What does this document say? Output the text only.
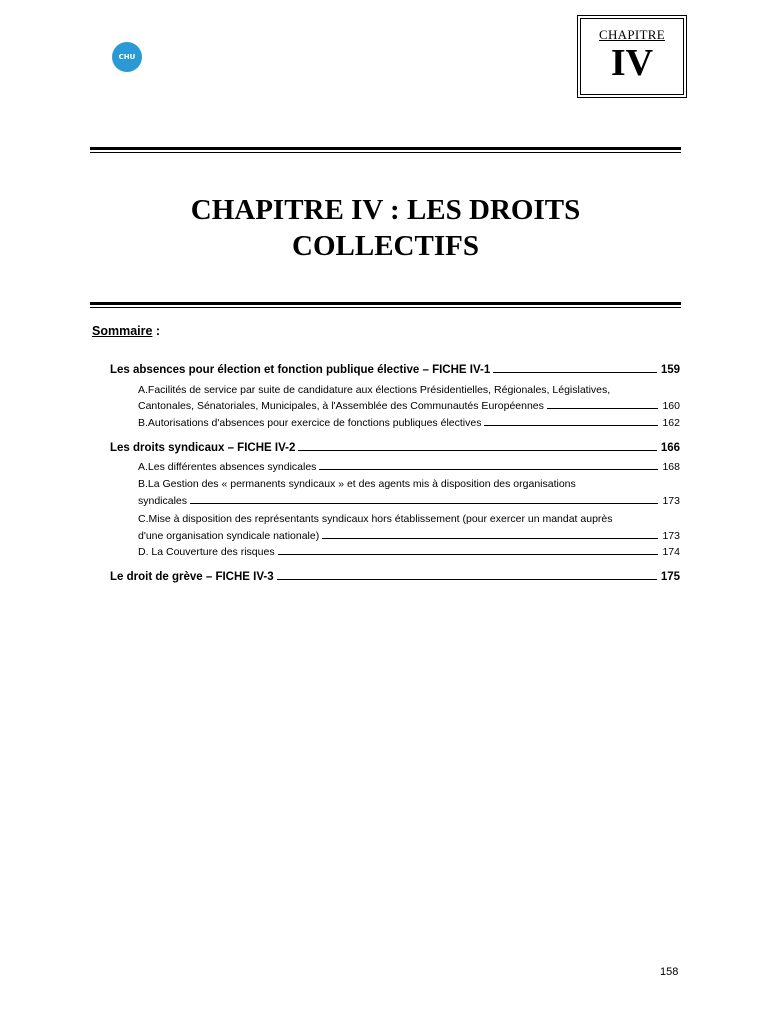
CHU
CHAPITRE
IV
CHAPITRE IV : LES DROITS
COLLECTIFS
Sommaire :
Les absences pour élection et fonction publique élective – FICHE IV-1	159
A.Facilités de service par suite de candidature aux élections Présidentielles, Régionales, Législatives,
Cantonales, Sénatoriales, Municipales, à l'Assemblée des Communautés Européennes	160
B.Autorisations d'absences pour exercice de fonctions publiques électives	162
Les droits syndicaux – FICHE IV-2	166
A.Les différentes absences syndicales	168
B.La Gestion des « permanents syndicaux » et des agents mis à disposition des organisations
syndicales	173
C.Mise à disposition des représentants syndicaux hors établissement (pour exercer un mandat auprès
d'une organisation syndicale nationale)	173
D. La Couverture des risques	174
Le droit de grève – FICHE IV-3	175
158
